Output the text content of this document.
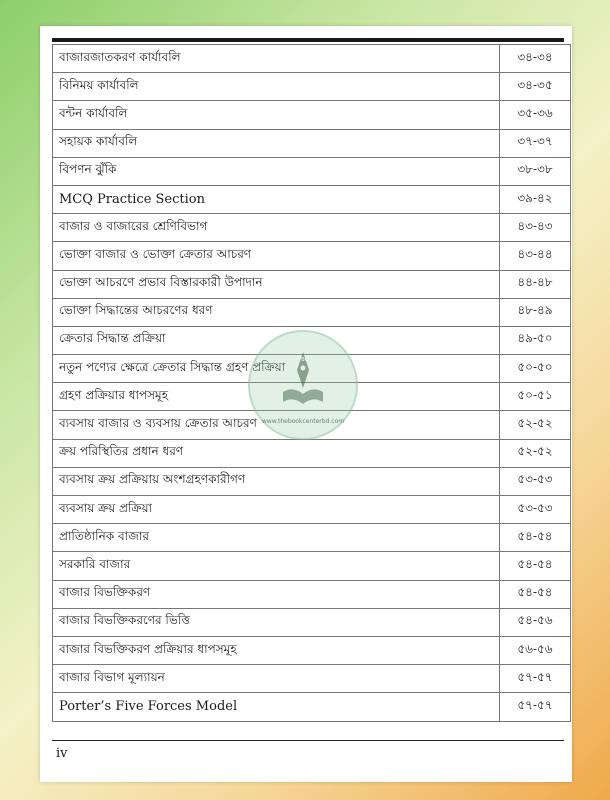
বাজারজাতকরণ কার্যাবলি	৩৪-৩৪
বিনিময় কার্যাবলি	৩৪-৩৫
বন্টন কার্যাবলি	৩৫-৩৬
সহায়ক কার্যাবলি	৩৭-৩৭
বিপণন ঝুঁকি	৩৮-৩৮
MCQ Practice Section	৩৯-৪২
বাজার ও বাজারের শ্রেণিবিভাগ	৪৩-৪৩
ভোক্তা বাজার ও ভোক্তা ক্রেতার আচরণ	৪৩-৪৪
ভোক্তা আচরণে প্রভাব বিস্তারকারী উপাদান	৪৪-৪৮
ভোক্তা সিদ্ধান্তের আচরণের ধরণ	৪৮-৪৯
ক্রেতার সিদ্ধান্ত প্রক্রিয়া	৪৯-৫০
নতুন পণ্যের ক্ষেত্রে ক্রেতার সিদ্ধান্ত গ্রহণ প্রক্রিয়া	৫০-৫০
গ্রহণ প্রক্রিয়ার ধাপসমূহ	৫০-৫১
ব্যবসায় বাজার ও ব্যবসায় ক্রেতার আচরণ	৫২-৫২
ক্রয় পরিস্থিতির প্রধান ধরণ	৫২-৫২
ব্যবসায় ক্রয় প্রক্রিয়ায় অংশগ্রহণকারীগণ	৫৩-৫৩
ব্যবসায় ক্রয় প্রক্রিয়া	৫৩-৫৩
প্রাতিষ্ঠানিক বাজার	৫৪-৫৪
সরকারি বাজার	৫৪-৫৪
বাজার বিভক্তিকরণ	৫৪-৫৪
বাজার বিভক্তিকরণের ভিত্তি	৫৪-৫৬
বাজার বিভক্তিকরণ প্রক্রিয়ার ধাপসমূহ	৫৬-৫৬
বাজার বিভাগ মূল্যায়ন	৫৭-৫৭
Porter’s Five Forces Model	৫৭-৫৭
iv
TBC
www.thebookcenterbd.com
